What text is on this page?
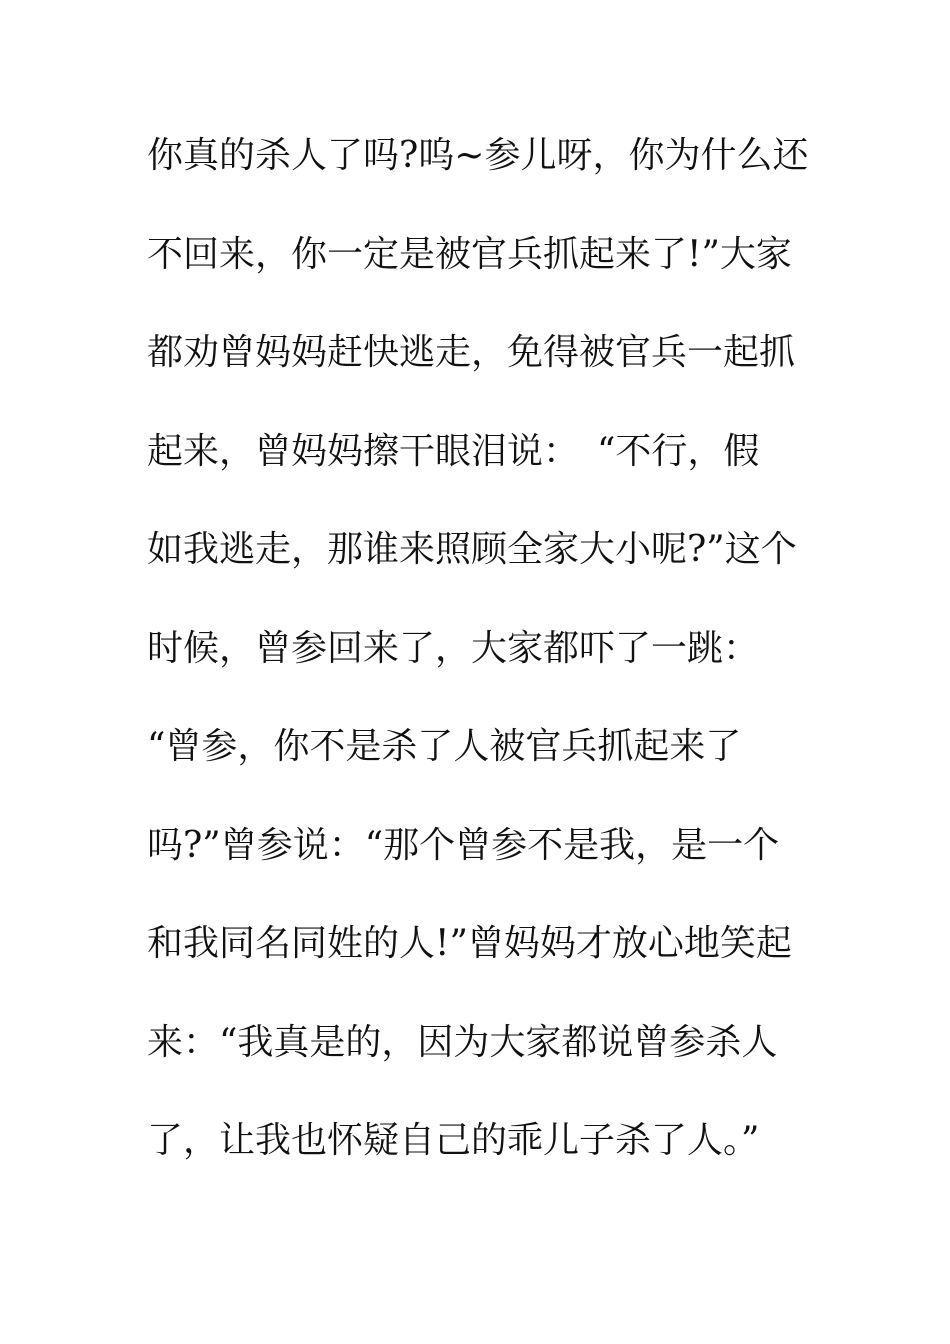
你真的杀人了吗?呜~参儿呀，你为什么还
不回来，你一定是被官兵抓起来了!”大家
都劝曾妈妈赶快逃走，免得被官兵一起抓
起来，曾妈妈擦干眼泪说：　“不行，假
如我逃走，那谁来照顾全家大小呢?”这个
时候，曾参回来了，大家都吓了一跳：
“曾参，你不是杀了人被官兵抓起来了
吗?”曾参说：“那个曾参不是我，是一个
和我同名同姓的人!”曾妈妈才放心地笑起
来：“我真是的，因为大家都说曾参杀人
了，让我也怀疑自己的乖儿子杀了人。”
